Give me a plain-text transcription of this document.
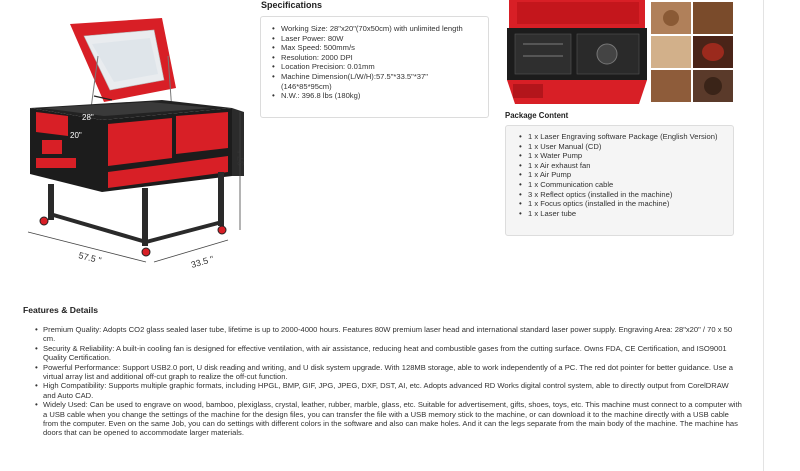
28"
20"
57.5 "	33.5 "
37 "
Specifications
• Working Size: 28"x20"(70x50cm) with unlimited length
• Laser Power: 80W
• Max Speed: 500mm/s
• Resolution: 2000 DPI
• Location Precision: 0.01mm
• Machine Dimension(L/W/H):57.5"*33.5"*37" (146*85*95cm)
• N.W.: 396.8 lbs (180kg)
Package Content
• 1 x Laser Engraving software Package (English Version)
• 1 x User Manual (CD)
• 1 x Water Pump
• 1 x Air exhaust fan
• 1 x Air Pump
• 1 x Communication cable
• 3 x Reflect optics (installed in the machine)
• 1 x Focus optics (installed in the machine)
• 1 x Laser tube
Features & Details
• Premium Quality: Adopts CO2 glass sealed laser tube, lifetime is up to 2000-4000 hours. Features 80W premium laser head and international standard laser power supply. Engraving Area: 28"x20" / 70 x 50 cm.
• Security & Reliability: A built-in cooling fan is designed for effective ventilation, with air assistance, reducing heat and combustible gases from the cutting surface. Owns FDA, CE Certification, and ISO9001 Quality Certification.
• Powerful Performance: Support USB2.0 port, U disk reading and writing, and U disk system upgrade. With 128MB storage, able to work independently of a PC. The red dot pointer for better guidance. Use a virtual array list and additional off-cut graph to realize the off-cut function.
• High Compatibility: Supports multiple graphic formats, including HPGL, BMP, GIF, JPG, JPEG, DXF, DST, AI, etc. Adopts advanced RD Works digital control system, able to directly output from CorelDRAW and Auto CAD.
• Widely Used: Can be used to engrave on wood, bamboo, plexiglass, crystal, leather, rubber, marble, glass, etc. Suitable for advertisement, gifts, shoes, toys, etc. This machine must connect to a computer with a USB cable when you change the settings of the machine for the design files, you can transfer the file with a USB memory stick to the machine, or can download it to the machine directly with a USB cable from the computer. Even on the same Job, you can do settings with different colors in the software and also can make holes. And it can the legs separate from the main body of the machine. The machine has doors that can be opened to accommodate larger materials.
